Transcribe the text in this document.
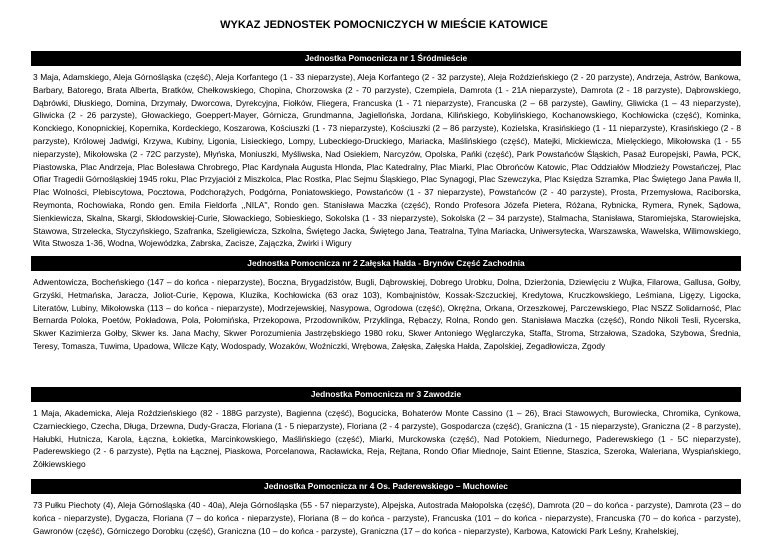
WYKAZ JEDNOSTEK POMOCNICZYCH W MIEŚCIE KATOWICE
Jednostka Pomocnicza nr 1 Śródmieście

3 Maja, Adamskiego, Aleja Górnośląska (część), Aleja Korfantego (1 - 33 nieparzyste), Aleja Korfantego (2 - 32 parzyste), Aleja Roździeńskiego (2 - 20 parzyste), Andrzeja, Astrów, Bankowa, Barbary, Batorego, Brata Alberta, Bratków, Chełkowskiego, Chopina, Chorzowska (2 - 70 parzyste), Czempiela, Damrota (1 - 21A nieparzyste), Damrota (2 - 18 parzyste), Dąbrowskiego, Dąbrówki, Dłuskiego, Domina, Drzymały, Dworcowa, Dyrekcyjna, Fiołków, Fliegera, Francuska (1 - 71 nieparzyste), Francuska (2 – 68 parzyste), Gawliny, Gliwicka (1 – 43 nieparzyste), Gliwicka (2 - 26 parzyste), Głowackiego, Goeppert-Mayer, Górnicza, Grundmanna, Jagiellońska, Jordana, Kilińskiego, Kobylińskiego, Kochanowskiego, Kochłowicka (część), Kominka, Konckiego, Konopnickiej, Kopernika, Kordeckiego, Koszarowa, Kościuszki (1 - 73 nieparzyste), Kościuszki (2 – 86 parzyste), Kozielska, Krasińskiego (1 - 11 nieparzyste), Krasińskiego (2 - 8 parzyste), Królowej Jadwigi, Krzywa, Kubiny, Ligonia, Lisieckiego, Lompy, Lubeckiego-Druckiego, Mariacka, Maślińskiego (część), Matejki, Mickiewicza, Mielęckiego, Mikołowska (1 - 55 nieparzyste), Mikołowska (2 - 72C parzyste), Młyńska, Moniuszki, Myśliwska, Nad Osiekiem, Narcyzów, Opolska, Pańki (część), Park Powstańców Śląskich, Pasaż Europejski, Pawła, PCK, Piastowska, Plac Andrzeja, Plac Bolesława Chrobrego, Plac Kardynała Augusta Hlonda, Plac Katedralny, Plac Miarki, Plac Obrońców Katowic, Plac Oddziałów Młodzieży Powstańczej, Plac Ofiar Tragedii Górnośląskiej 1945 roku, Plac Przyjaciół z Miszkolca, Plac Rostka, Plac Sejmu Śląskiego, Plac Synagogi, Plac Szewczyka, Plac Księdza Szramka, Plac Świętego Jana Pawła II, Plac Wolności, Plebiscytowa, Pocztowa, Podchorążych, Podgórna, Poniatowskiego, Powstańców (1 - 37 nieparzyste), Powstańców (2 - 40 parzyste), Prosta, Przemysłowa, Raciborska, Reymonta, Rochowiaka, Rondo gen. Emila Fieldorfa ,,NILA'', Rondo gen. Stanisława Maczka (część), Rondo Profesora Józefa Pietera, Różana, Rybnicka, Rymera, Rynek, Sądowa, Sienkiewicza, Skalna, Skargi, Skłodowskiej-Curie, Słowackiego, Sobieskiego, Sokolska (1 - 33 nieparzyste), Sokolska (2 – 34 parzyste), Stalmacha, Stanisława, Staromiejska, Starowiejska, Stawowa, Strzelecka, Styczyńskiego, Szafranka, Szeligiewicza, Szkolna, Świętego Jacka, Świętego Jana, Teatralna, Tylna Mariacka, Uniwersytecka, Warszawska, Wawelska, Wilimowskiego, Wita Stwosza 1-36, Wodna, Wojewódzka, Zabrska, Zacisze, Zajączka, Żwirki i Wigury

Jednostka Pomocnicza nr 2 Załęska Hałda - Brynów Część Zachodnia

Adwentowicza, Bocheńskiego (147 – do końca - nieparzyste), Boczna, Brygadzistów, Bugli, Dąbrowskiej, Dobrego Urobku, Dolna, Dzierżonia, Dziewięciu z Wujka, Filarowa, Gallusa, Gołby, Grzyśki, Hetmańska, Jaracza, Joliot-Curie, Kępowa, Kluzika, Kochłowicka (63 oraz 103), Kombajnistów, Kossak-Szczuckiej, Kredytowa, Kruczkowskiego, Leśmiana, Ligęzy, Ligocka, Literatów, Lubiny, Mikołowska (113 – do końca - nieparzyste), Modrzejewskiej, Nasypowa, Ogrodowa (część), Okrężna, Orkana, Orzeszkowej, Parczewskiego, Plac NSZZ Solidarność, Plac Bernarda Poloka, Poetów, Pokładowa, Pola, Połomińska, Przekopowa, Przodowników, Przyklinga, Rębaczy, Rolna, Rondo gen. Stanisława Maczka (część), Rondo Nikoli Tesli, Rycerska, Skwer Kazimierza Gołby, Skwer ks. Jana Machy, Skwer Porozumienia Jastrzębskiego 1980 roku, Skwer Antoniego Węglarczyka, Staffa, Stroma, Strzałowa, Szadoka, Szybowa, Średnia, Teresy, Tomasza, Tuwima, Upadowa, Wilcze Kąty, Wodospady, Wozaków, Woźniczki, Wrębowa, Załęska, Załęska Hałda, Zapolskiej, Zegadłowicza, Zgody

Jednostka Pomocnicza nr 3 Zawodzie

1 Maja, Akademicka, Aleja Roździeńskiego (82 - 188G parzyste), Bagienna (część), Bogucicka, Bohaterów Monte Cassino (1 – 26), Braci Stawowych, Burowiecka, Chromika, Cynkowa, Czarnieckiego, Czecha, Długa, Drzewna, Dudy-Gracza, Floriana (1 - 5 nieparzyste), Floriana (2 - 4 parzyste), Gospodarcza (część), Graniczna (1 - 15 nieparzyste), Graniczna (2 - 8 parzyste), Hałubki, Hutnicza, Karola, Łączna, Łokietka, Marcinkowskiego, Maślińskiego (część), Miarki, Murckowska (część), Nad Potokiem, Niedurnego, Paderewskiego (1 - 5C nieparzyste), Paderewskiego (2 - 6 parzyste), Pętla na Łącznej, Piaskowa, Porcelanowa, Racławicka, Reja, Rejtana, Rondo Ofiar Miednoje, Saint Etienne, Staszica, Szeroka, Waleriana, Wyspiańskiego, Żółkiewskiego

Jednostka Pomocnicza nr 4 Os. Paderewskiego – Muchowiec

73 Pułku Piechoty (4), Aleja Górnośląska (40 - 40a), Aleja Górnośląska (55 - 57 nieparzyste), Alpejska, Autostrada Małopolska (część), Damrota (20 – do końca - parzyste), Damrota (23 – do końca - nieparzyste), Dygacza, Floriana (7 – do końca - nieparzyste), Floriana (8 – do końca - parzyste), Francuska (101 – do końca - nieparzyste), Francuska (70 – do końca - parzyste), Gawronów (część), Górniczego Dorobku (część), Graniczna (10 – do końca - parzyste), Graniczna (17 – do końca - nieparzyste), Karbowa, Katowicki Park Leśny, Krahelskiej,
